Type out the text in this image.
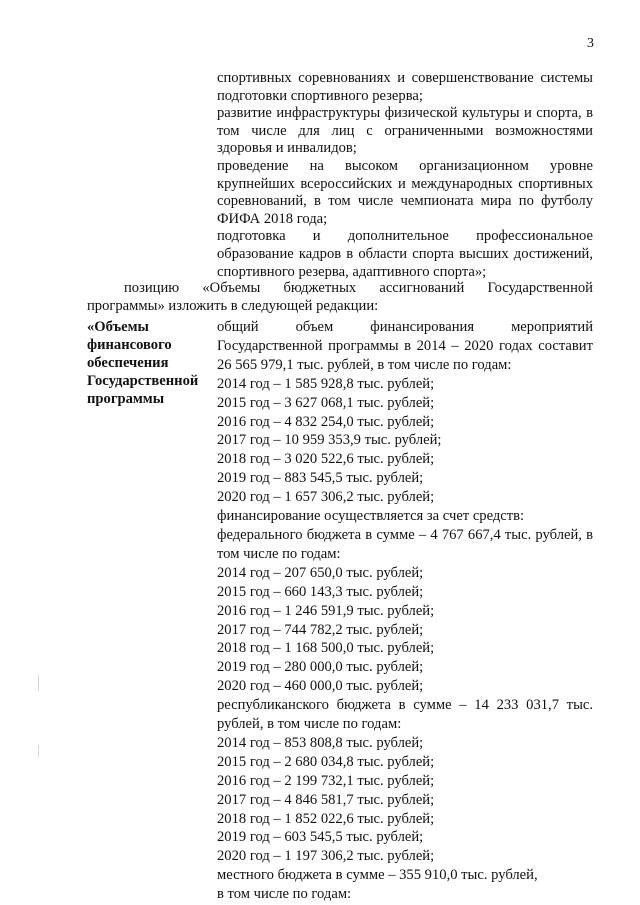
3

спортивных соревнованиях и совершенствование системы подготовки спортивного резерва;

развитие инфраструктуры физической культуры и спорта, в том числе для лиц с ограниченными возможностями здоровья и инвалидов;

проведение на высоком организационном уровне крупнейших всероссийских и международных спортивных соревнований, в том числе чемпионата мира по футболу ФИФА 2018 года;

подготовка и дополнительное профессиональное образование кадров в области спорта высших достижений, спортивного резерва, адаптивного спорта»;

позицию «Объемы бюджетных ассигнований Государственной программы» изложить в следующей редакции:
«Объемы
финансового
обеспечения
Государственной
программы
общий объем финансирования мероприятий Государственной программы в 2014 – 2020 годах составит 26 565 979,1 тыс. рублей, в том числе по годам:
2014 год – 1 585 928,8 тыс. рублей;
2015 год – 3 627 068,1 тыс. рублей;
2016 год – 4 832 254,0 тыс. рублей;
2017 год – 10 959 353,9 тыс. рублей;
2018 год – 3 020 522,6 тыс. рублей;
2019 год – 883 545,5 тыс. рублей;
2020 год – 1 657 306,2 тыс. рублей;
финансирование осуществляется за счет средств:
федерального бюджета в сумме – 4 767 667,4 тыс. рублей, в том числе по годам:
2014 год – 207 650,0 тыс. рублей;
2015 год – 660 143,3 тыс. рублей;
2016 год – 1 246 591,9 тыс. рублей;
2017 год – 744 782,2 тыс. рублей;
2018 год – 1 168 500,0 тыс. рублей;
2019 год – 280 000,0 тыс. рублей;
2020 год – 460 000,0 тыс. рублей;
республиканского бюджета в сумме – 14 233 031,7 тыс. рублей, в том числе по годам:
2014 год – 853 808,8 тыс. рублей;
2015 год – 2 680 034,8 тыс. рублей;
2016 год – 2 199 732,1 тыс. рублей;
2017 год – 4 846 581,7 тыс. рублей;
2018 год – 1 852 022,6 тыс. рублей;
2019 год – 603 545,5 тыс. рублей;
2020 год – 1 197 306,2 тыс. рублей;
местного бюджета в сумме – 355 910,0 тыс. рублей,
в том числе по годам:
